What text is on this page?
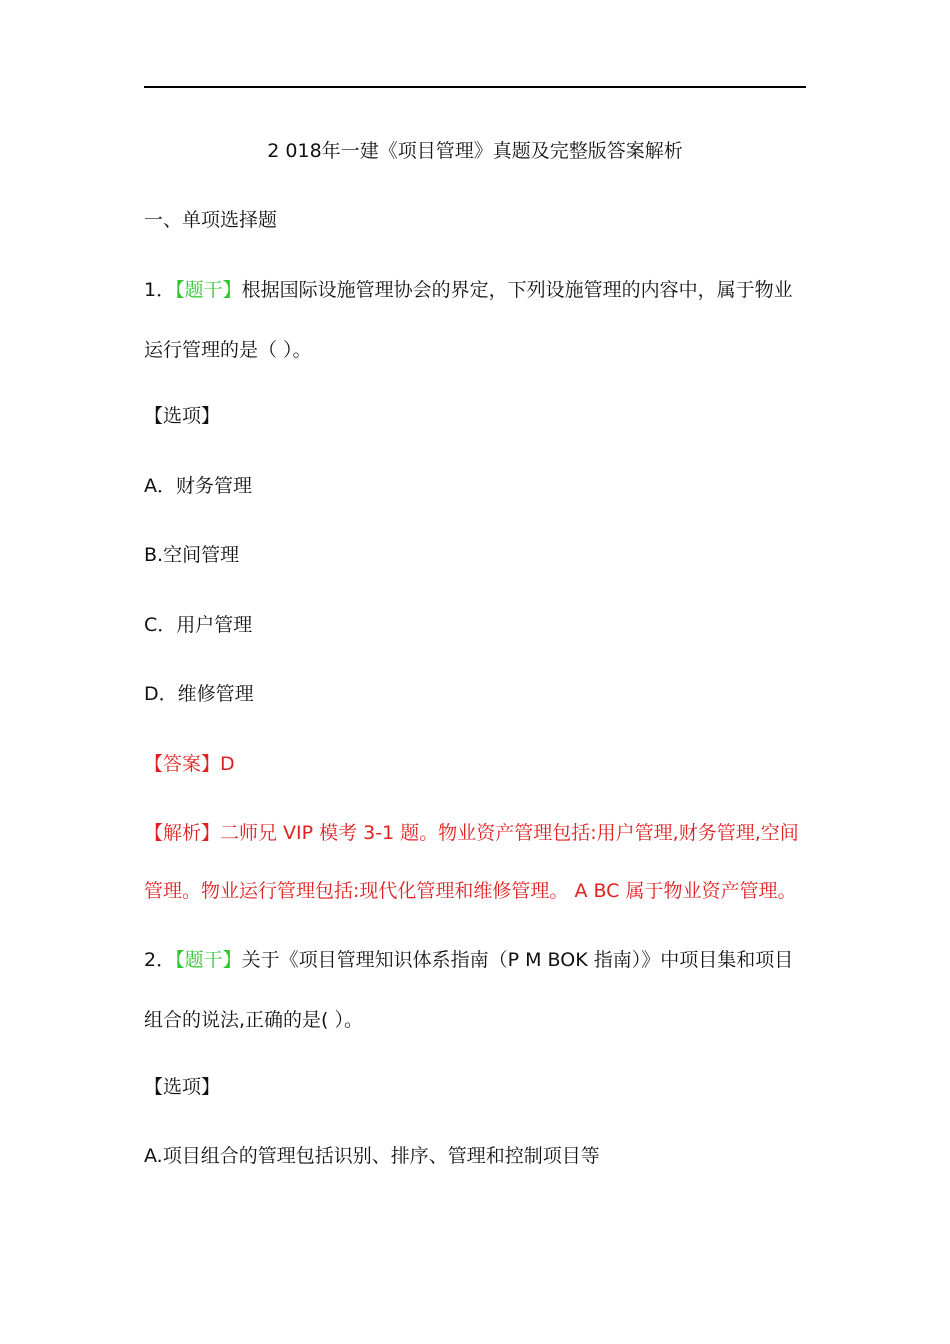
2 018年一建《项目管理》真题及完整版答案解析
一、单项选择题
1．【题干】根据国际设施管理协会的界定，下列设施管理的内容中，属于物业
运行管理的是（ ）。
【选项】
A．财务管理
B.空间管理
C．用户管理
D．维修管理
【答案】D
【解析】二师兄 VIP 模考 3-1 题。物业资产管理包括:用户管理,财务管理,空间
管理。物业运行管理包括:现代化管理和维修管理。 A BC 属于物业资产管理。
2．【题干】关于《项目管理知识体系指南（P M BOK 指南）》中项目集和项目
组合的说法,正确的是( ）。
【选项】
A.项目组合的管理包括识别、排序、管理和控制项目等
